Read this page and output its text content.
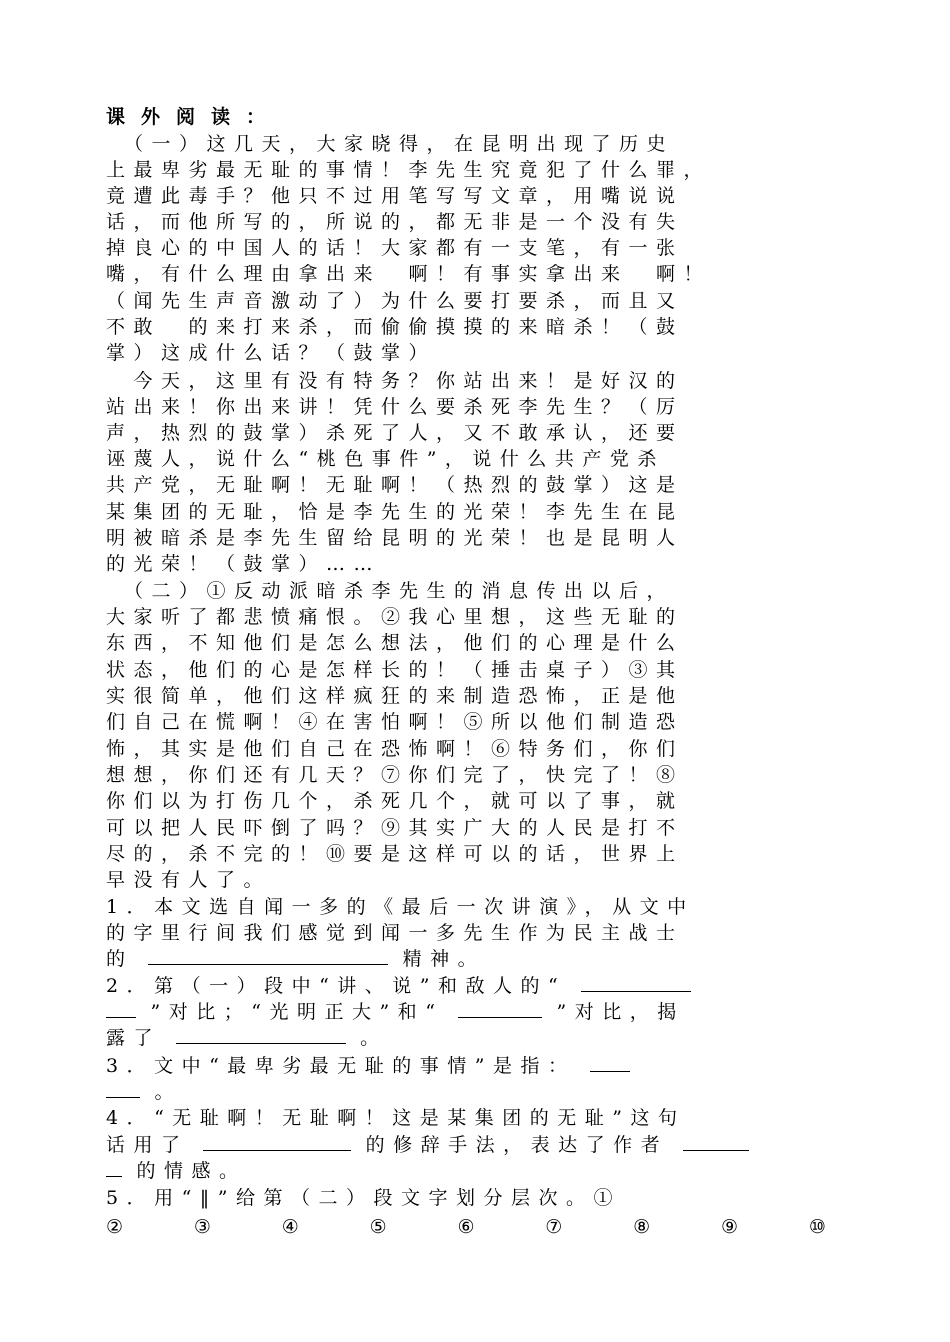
课外阅读：
　（一）这几天，大家晓得，在昆明出现了历史
上最卑劣最无耻的事情！李先生究竟犯了什么罪，
竟遭此毒手？他只不过用笔写写文章，用嘴说说
话，而他所写的，所说的，都无非是一个没有失
掉良心的中国人的话！大家都有一支笔，有一张
嘴，有什么理由拿出来　啊！有事实拿出来　啊！
（闻先生声音激动了）为什么要打要杀，而且又
不敢　的来打来杀，而偷偷摸摸的来暗杀！（鼓
掌）这成什么话？（鼓掌）
　今天，这里有没有特务？你站出来！是好汉的
站出来！你出来讲！凭什么要杀死李先生？（厉
声，热烈的鼓掌）杀死了人，又不敢承认，还要
诬蔑人，说什么“桃色事件”，说什么共产党杀
共产党，无耻啊！无耻啊！（热烈的鼓掌）这是
某集团的无耻，恰是李先生的光荣！李先生在昆
明被暗杀是李先生留给昆明的光荣！也是昆明人
的光荣！（鼓掌）……
　（二）①反动派暗杀李先生的消息传出以后，
大家听了都悲愤痛恨。②我心里想，这些无耻的
东西，不知他们是怎么想法，他们的心理是什么
状态，他们的心是怎样长的！（捶击桌子）③其
实很简单，他们这样疯狂的来制造恐怖，正是他
们自己在慌啊！④在害怕啊！⑤所以他们制造恐
怖，其实是他们自己在恐怖啊！⑥特务们，你们
想想，你们还有几天？⑦你们完了，快完了！⑧
你们以为打伤几个，杀死几个，就可以了事，就
可以把人民吓倒了吗？⑨其实广大的人民是打不
尽的，杀不完的！⑩要是这样可以的话，世界上
早没有人了。
1．本文选自闻一多的《最后一次讲演》，从文中
的字里行间我们感觉到闻一多先生作为民主战士
的	精神。
2．第（一）段中“讲、说”和敌人的“
”对比；“光明正大”和“	”对比，揭
露了	。
3．文中“最卑劣最无耻的事情”是指：
。
4．“无耻啊！无耻啊！这是某集团的无耻”这句
话用了	的修辞手法，表达了作者
的情感。
5．用“‖”给第（二）段文字划分层次。①
②	③	④	⑤	⑥	⑦	⑧	⑨	⑩
